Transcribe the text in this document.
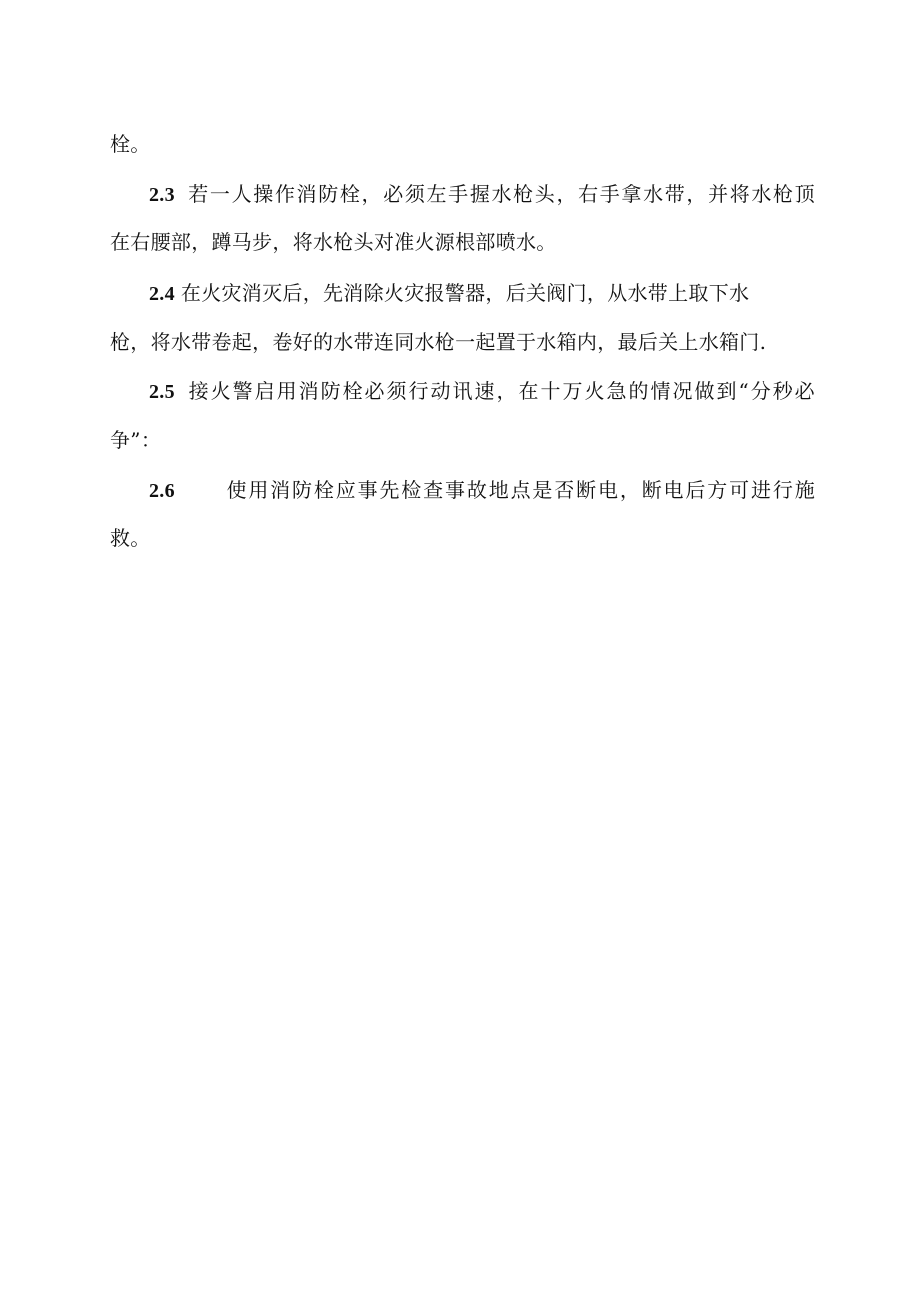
栓。
2.3 若一人操作消防栓，必须左手握水枪头，右手拿水带，并将水枪顶
在右腰部，蹲马步，将水枪头对准火源根部喷水。
2.4 在火灾消灭后，先消除火灾报警器，后关阀门，从水带上取下水
枪，将水带卷起，卷好的水带连同水枪一起置于水箱内，最后关上水箱门.
2.5 接火警启用消防栓必须行动讯速，在十万火急的情况做到“分秒必
争”：
2.6	使用消防栓应事先检查事故地点是否断电，断电后方可进行施
救。
